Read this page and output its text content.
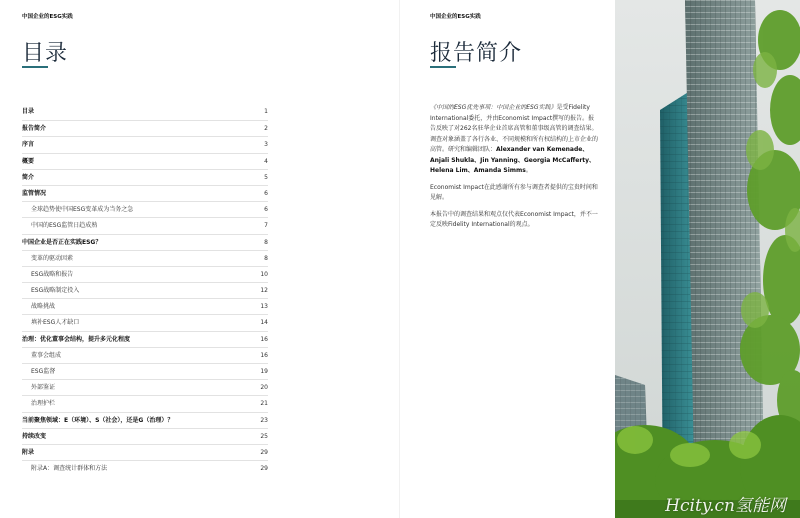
中国企业的ESG实践
目录
目录	1
报告简介	2
序言	3
概要	4
简介	5
监管情况	6
全球趋势使中国ESG变革成为当务之急	6
中国的ESG监管日趋成熟	7
中国企业是否正在实践ESG？	8
变革的驱动因素	8
ESG战略和报告	10
ESG战略制定投入	12
战略挑战	13
填补ESG人才缺口	14
治理：优化董事会结构，提升多元化程度	16
董事会组成	16
ESG监督	19
外部鉴证	20
治理护栏	21
当前聚焦领域：E（环境）、S（社会），还是G（治理）？	23
持续改变	25
附录	29
附录A：调查统计群体和方法	29
中国企业的ESG实践
报告简介

《中国的ESG优先事项：中国企业的ESG实践》是受Fidelity International委托，并由Economist Impact撰写的报告。报告反映了对262名驻华企业首席高管和董事级高管的调查结果。调查对象涵盖了各行各业、不同规模和所有权结构的上市企业的高管。研究和编辑团队：Alexander van Kemenade、Anjali Shukla、Jin Yanning、Georgia McCafferty、Helena Lim、Amanda Simms。

Economist Impact在此感谢所有参与调查者提供的宝贵时间和见解。

本报告中的调查结果和观点仅代表Economist Impact，并不一定反映Fidelity International的观点。

Hcity.cn氢能网
